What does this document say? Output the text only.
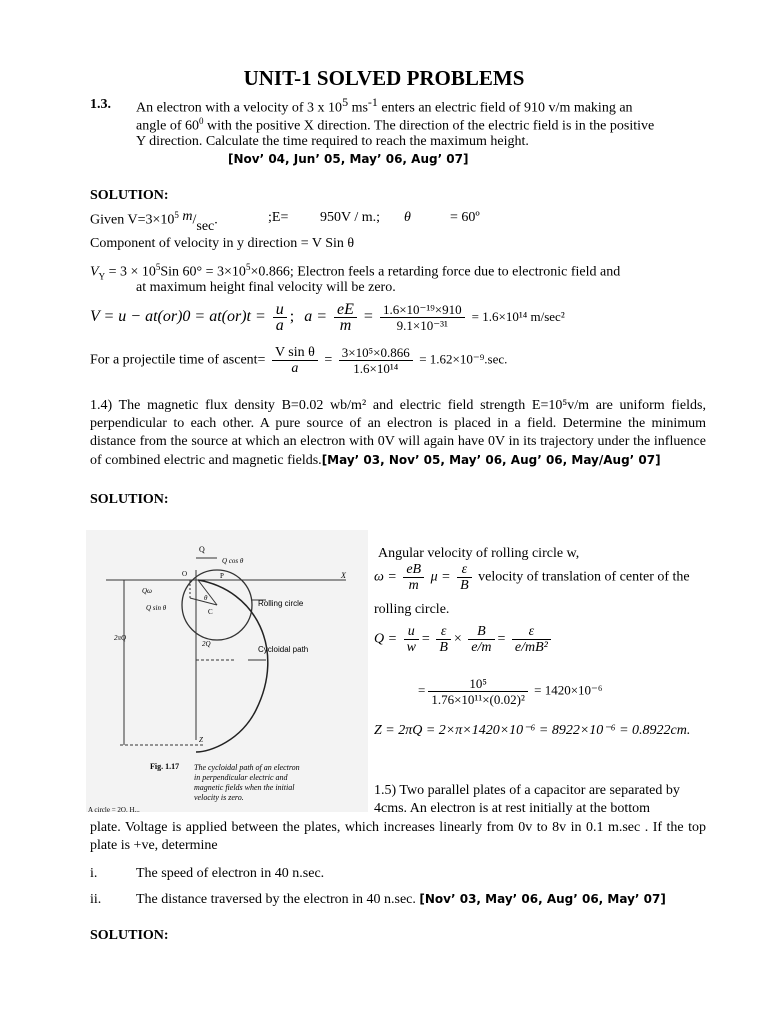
UNIT-1 SOLVED PROBLEMS
1.3. An electron with a velocity of 3 x $10^5$ $ms^{-1}$ enters an electric field of 910 v/m making an
angle of $60^0$ with the positive X direction. The direction of the electric field is in the positive
Y direction. Calculate the time required to reach the maximum height.
[Nov’ 04, Jun’ 05, May’ 06, Aug’ 07]
SOLUTION:
Given $V=3\times 10^5$ m/sec.	;E= 950V / m.; θ	= 60º
Component of velocity in y direction = V Sin θ
$V_Y = 3 \times 10^5Sin$ $60^\circ = 3\times 10^5\times 0.866$; Electron feels a retarding force due to electronic field and
at maximum height final velocity will be zero.
$V = u - at(or)0 = at(or)t = \frac{u}{a}$ ; $a = \frac{eE}{m} = \frac{\text{1.6×10⁻¹⁹×910}}{\text{9.1×10⁻³¹}} = 1.6\times 10^{14}$ m/sec²
For a projectile time of ascent= $\frac{\text{V sin θ}}{a} = \frac{\text{3×10⁵×0.866}}{\text{1.6×10¹⁴}} = 1.62\times 10^{-9}.\sec$.
1.4) The magnetic flux density B=0.02 wb/m² and electric field strength E=10⁵v/m are uniform fields, perpendicular to each other. A pure source of an electron is placed in a field. Determine the minimum distance from the source at which an electron with 0V will again have 0V in its trajectory under the influence of combined electric and magnetic fields.[May’ 03, Nov’ 05, May’ 06, Aug’ 06, May/Aug’ 07]
SOLUTION:
Q
Q cos θ
P	X
O
Qω
C
θ
Q sin θ	Rolling circle
2πQ
2Q
Cycloidal path
Z
Fig. 1.17 The cycloidal path of an electron
in perpendicular electric and
magnetic fields when the initial
velocity is zero.
A circle = 2Q. H...
Angular velocity of rolling circle w,
$\omega = \frac{eB}{m}$ $\mu = \frac{\varepsilon}{B}$ velocity of translation of center of the
rolling circle.
$Q = \frac{u}{w} = \frac{\varepsilon}{B} \times \frac{B}{e/m} = \frac{\varepsilon}{\text{e/mB²}}$
= $\frac{\text{10⁵}}{\text{1.76×10¹¹×(0.02)²}} = 1420\times 10^{-6}$
Z = 2πQ = 2×π×1420×10⁻⁶ = 8922×10⁻⁶ = 0.8922cm.
1.5) Two parallel plates of a capacitor are separated by
4cms. An electron is at rest initially at the bottom
plate. Voltage is applied between the plates, which increases linearly from 0v to 8v in 0.1 m.sec . If the top plate is +ve, determine
i.	The speed of electron in 40 n.sec.
ii. The distance traversed by the electron in 40 n.sec. [Nov’ 03, May’ 06, Aug’ 06, May’ 07]
SOLUTION:
